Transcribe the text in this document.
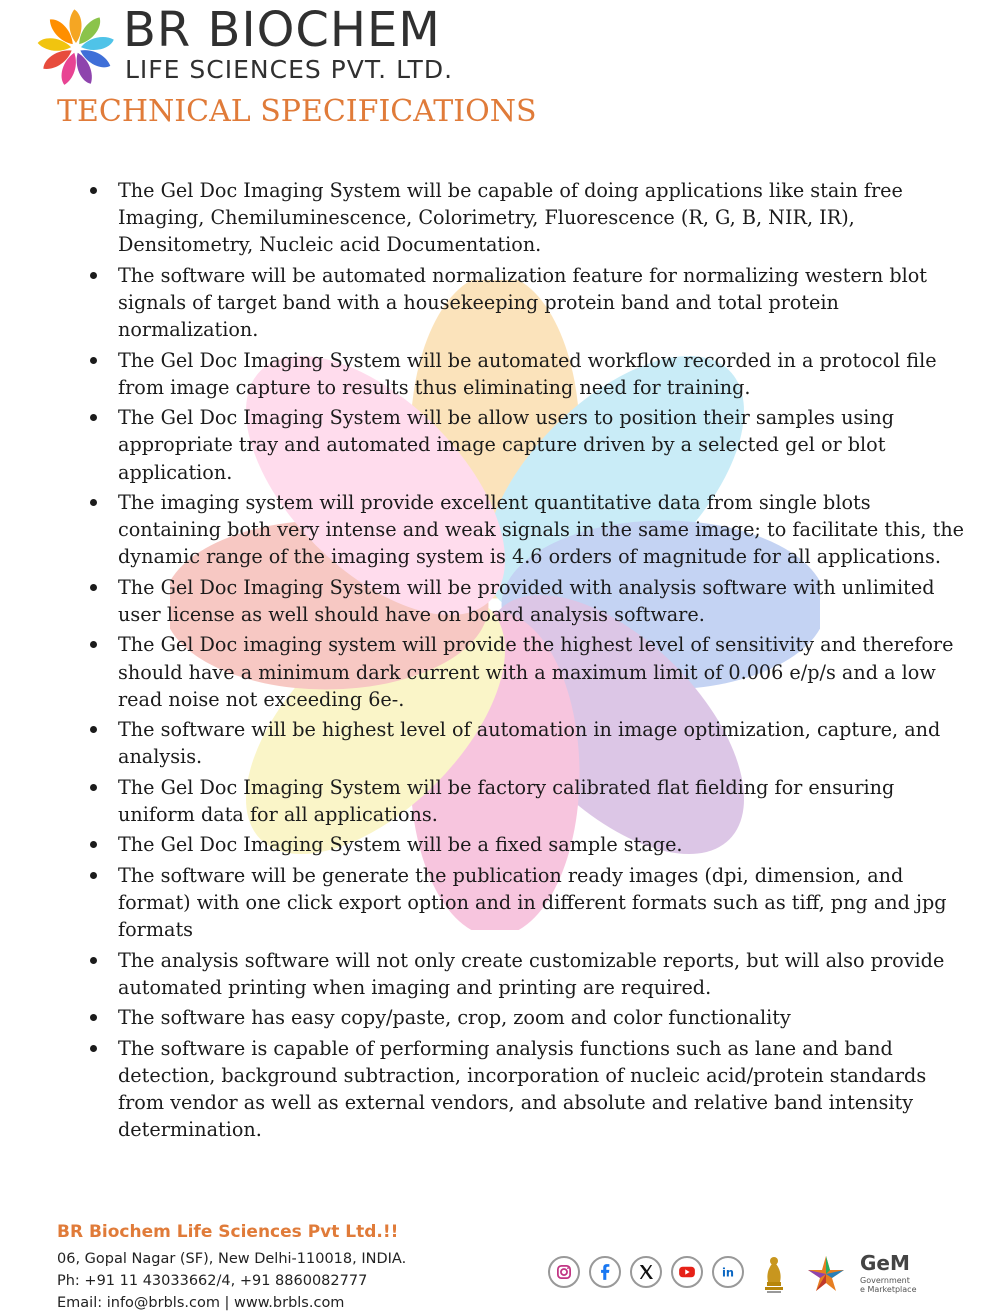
BR BIOCHEM
LIFE SCIENCES PVT. LTD.
TECHNICAL SPECIFICATIONS
The Gel Doc Imaging System will be capable of doing applications like stain free Imaging, Chemiluminescence, Colorimetry, Fluorescence (R, G, B, NIR, IR), Densitometry, Nucleic acid Documentation.
The software will be automated normalization feature for normalizing western blot signals of target band with a housekeeping protein band and total protein normalization.
The Gel Doc Imaging System will be automated workflow recorded in a protocol file from image capture to results thus eliminating need for training.
The Gel Doc Imaging System will be allow users to position their samples using appropriate tray and automated image capture driven by a selected gel or blot application.
The imaging system will provide excellent quantitative data from single blots containing both very intense and weak signals in the same image; to facilitate this, the dynamic range of the imaging system is 4.6 orders of magnitude for all applications.
The Gel Doc Imaging System will be provided with analysis software with unlimited user license as well should have on board analysis software.
The Gel Doc imaging system will provide the highest level of sensitivity and therefore should have a minimum dark current with a maximum limit of 0.006 e/p/s and a low read noise not exceeding 6e-.
The software will be highest level of automation in image optimization, capture, and analysis.
The Gel Doc Imaging System will be factory calibrated flat fielding for ensuring uniform data for all applications.
The Gel Doc Imaging System will be a fixed sample stage.
The software will be generate the publication ready images (dpi, dimension, and format) with one click export option and in different formats such as tiff, png and jpg formats
The analysis software will not only create customizable reports, but will also provide automated printing when imaging and printing are required.
The software has easy copy/paste, crop, zoom and color functionality
The software is capable of performing analysis functions such as lane and band detection, background subtraction, incorporation of nucleic acid/protein standards from vendor as well as external vendors, and absolute and relative band intensity determination.
BR Biochem Life Sciences Pvt Ltd.!!
06, Gopal Nagar (SF), New Delhi-110018, INDIA.
Ph: +91 11 43033662/4, +91 8860082777
Email: info@brbls.com | www.brbls.com
in	GeM
Government
e Marketplace
